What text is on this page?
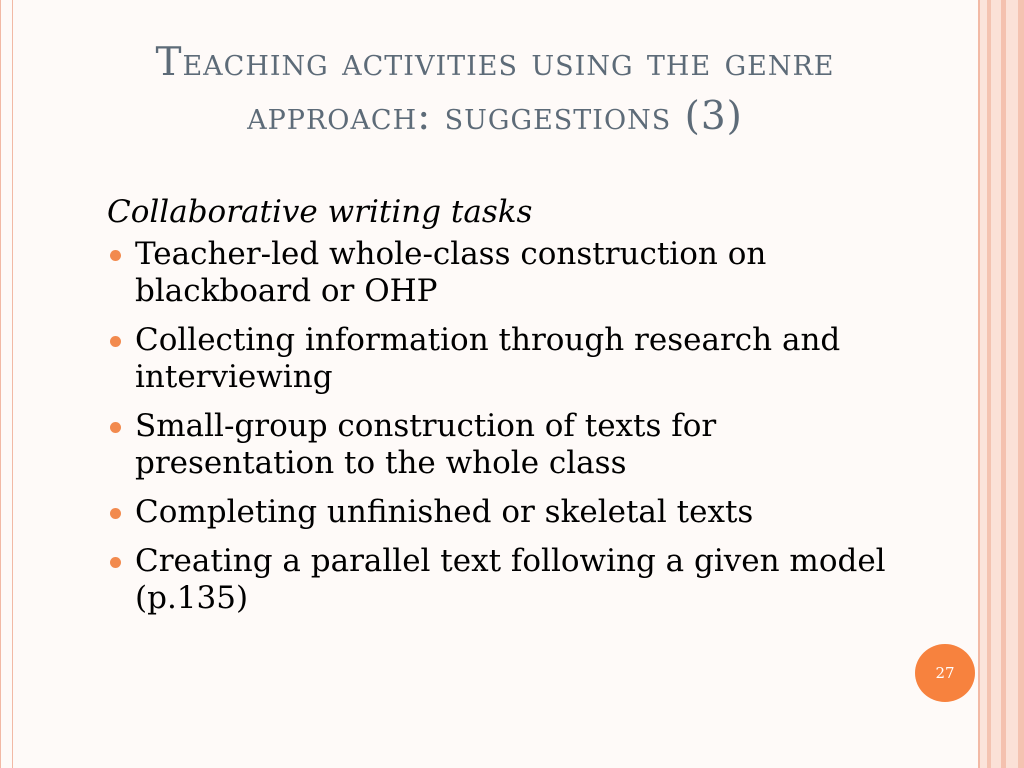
Teaching activities using the genre approach: suggestions (3)

Collaborative writing tasks

Teacher-led whole-class construction on blackboard or OHP
Collecting information through research and interviewing
Small-group construction of texts for presentation to the whole class
Completing unfinished or skeletal texts
Creating a parallel text following a given model (p.135)
27
